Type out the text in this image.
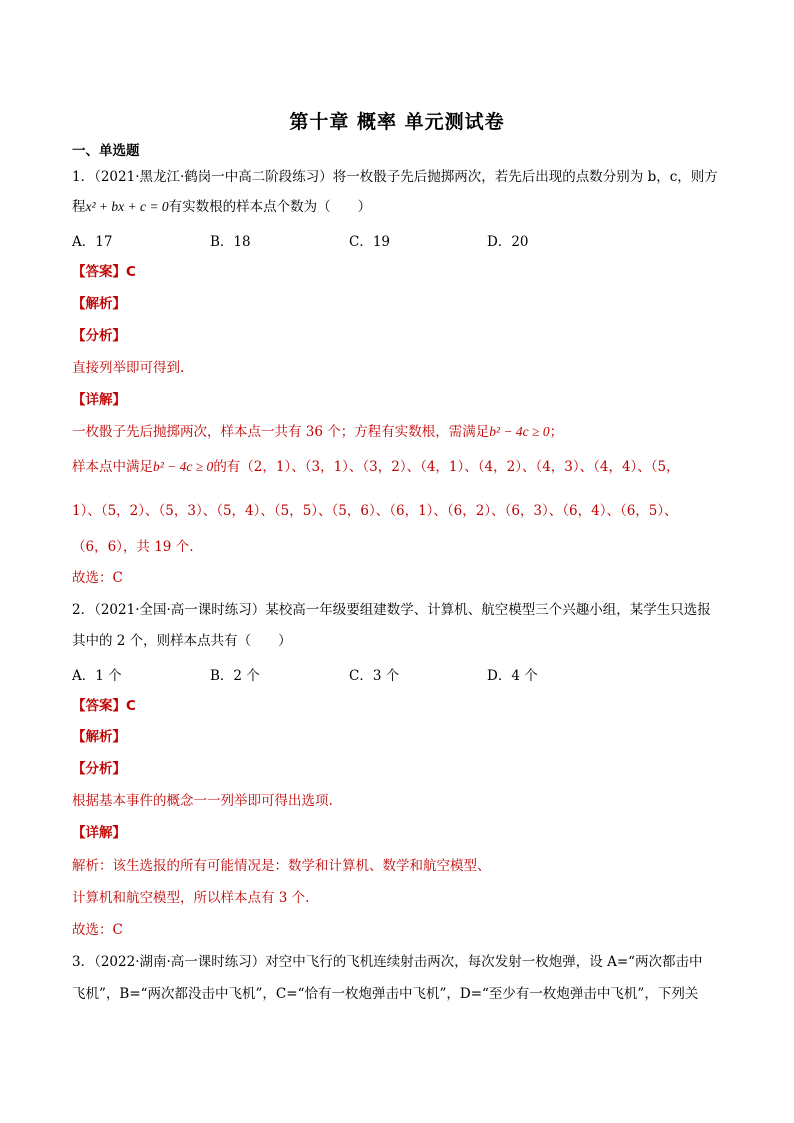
第十章 概率 单元测试卷
一、单选题
1．（2021·黑龙江·鹤岗一中高二阶段练习）将一枚骰子先后抛掷两次，若先后出现的点数分别为 b，c，则方
程x² + bx + c = 0有实数根的样本点个数为（　　）
A．17	B．18	C．19	D．20
【答案】C
【解析】
【分析】
直接列举即可得到.
【详解】
一枚骰子先后抛掷两次，样本点一共有 36 个；方程有实数根，需满足b² − 4c ≥ 0；
样本点中满足b² − 4c ≥ 0的有（2，1）、（3，1）、（3，2）、（4，1）、（4，2）、（4，3）、（4，4）、（5，
1）、（5，2）、（5，3）、（5，4）、（5，5）、（5，6）、（6，1）、（6，2）、（6，3）、（6，4）、（6，5）、
（6，6），共 19 个.
故选：C
2．（2021·全国·高一课时练习）某校高一年级要组建数学、计算机、航空模型三个兴趣小组，某学生只选报
其中的 2 个，则样本点共有（　　）
A．1 个	B．2 个	C．3 个	D．4 个
【答案】C
【解析】
【分析】
根据基本事件的概念一一列举即可得出选项.
【详解】
解析：该生选报的所有可能情况是：数学和计算机、数学和航空模型、
计算机和航空模型，所以样本点有 3 个.
故选：C
3．（2022·湖南·高一课时练习）对空中飞行的飞机连续射击两次，每次发射一枚炮弹，设 A=“两次都击中
飞机”，B=“两次都没击中飞机”，C=“恰有一枚炮弹击中飞机”，D=“至少有一枚炮弹击中飞机”，下列关
